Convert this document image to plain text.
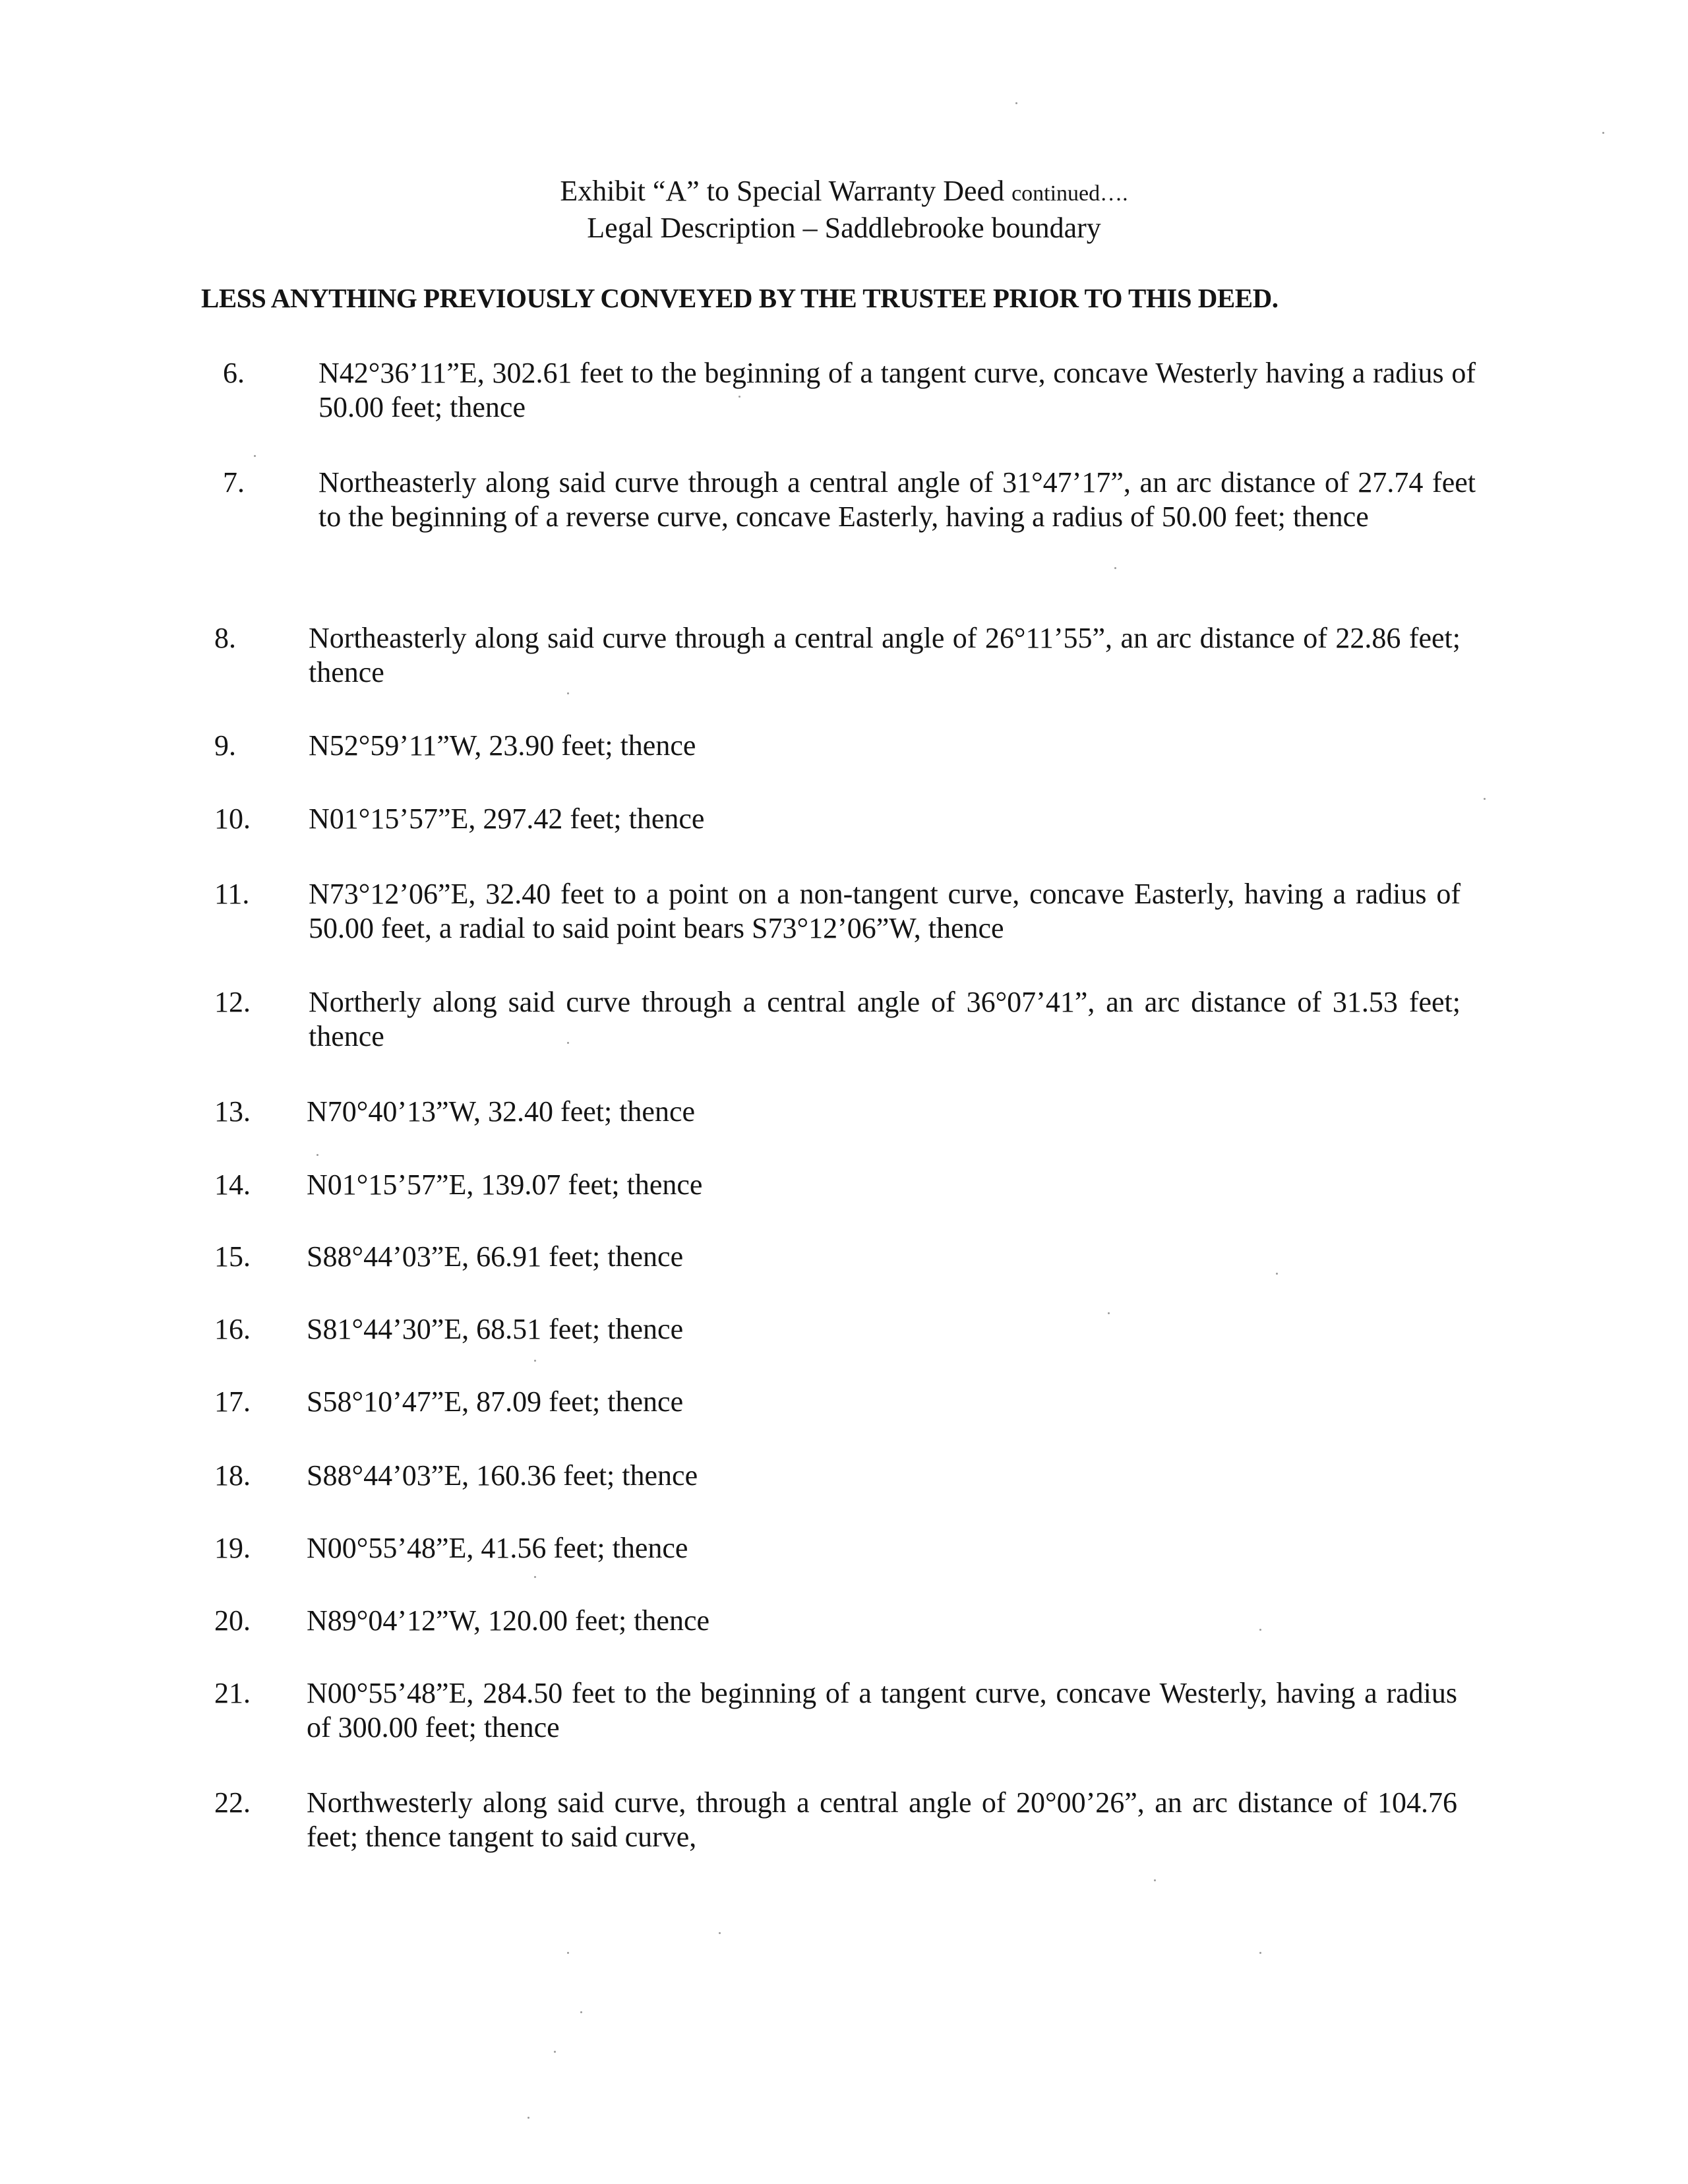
Exhibit “A” to Special Warranty Deed continued….
Legal Description – Saddlebrooke boundary
LESS ANYTHING PREVIOUSLY CONVEYED BY THE TRUSTEE PRIOR TO THIS DEED.
6.	N42°36’11”E, 302.61 feet to the beginning of a tangent curve, concave Westerly having a radius of 50.00 feet; thence
7.	Northeasterly along said curve through a central angle of 31°47’17”, an arc distance of 27.74 feet to the beginning of a reverse curve, concave Easterly, having a radius of 50.00 feet; thence
8.	Northeasterly along said curve through a central angle of 26°11’55”, an arc distance of 22.86 feet; thence
9.	N52°59’11”W, 23.90 feet; thence
10. N01°15’57”E, 297.42 feet; thence
11. N73°12’06”E, 32.40 feet to a point on a non-tangent curve, concave Easterly, having a radius of 50.00 feet, a radial to said point bears S73°12’06”W, thence
12. Northerly along said curve through a central angle of 36°07’41”, an arc distance of 31.53 feet; thence
13. N70°40’13”W, 32.40 feet; thence
14. N01°15’57”E, 139.07 feet; thence
15. S88°44’03”E, 66.91 feet; thence
16. S81°44’30”E, 68.51 feet; thence
17. S58°10’47”E, 87.09 feet; thence
18. S88°44’03”E, 160.36 feet; thence
19. N00°55’48”E, 41.56 feet; thence
20. N89°04’12”W, 120.00 feet; thence
21. N00°55’48”E, 284.50 feet to the beginning of a tangent curve, concave Westerly, having a radius of 300.00 feet; thence
22. Northwesterly along said curve, through a central angle of 20°00’26”, an arc distance of 104.76 feet; thence tangent to said curve,
